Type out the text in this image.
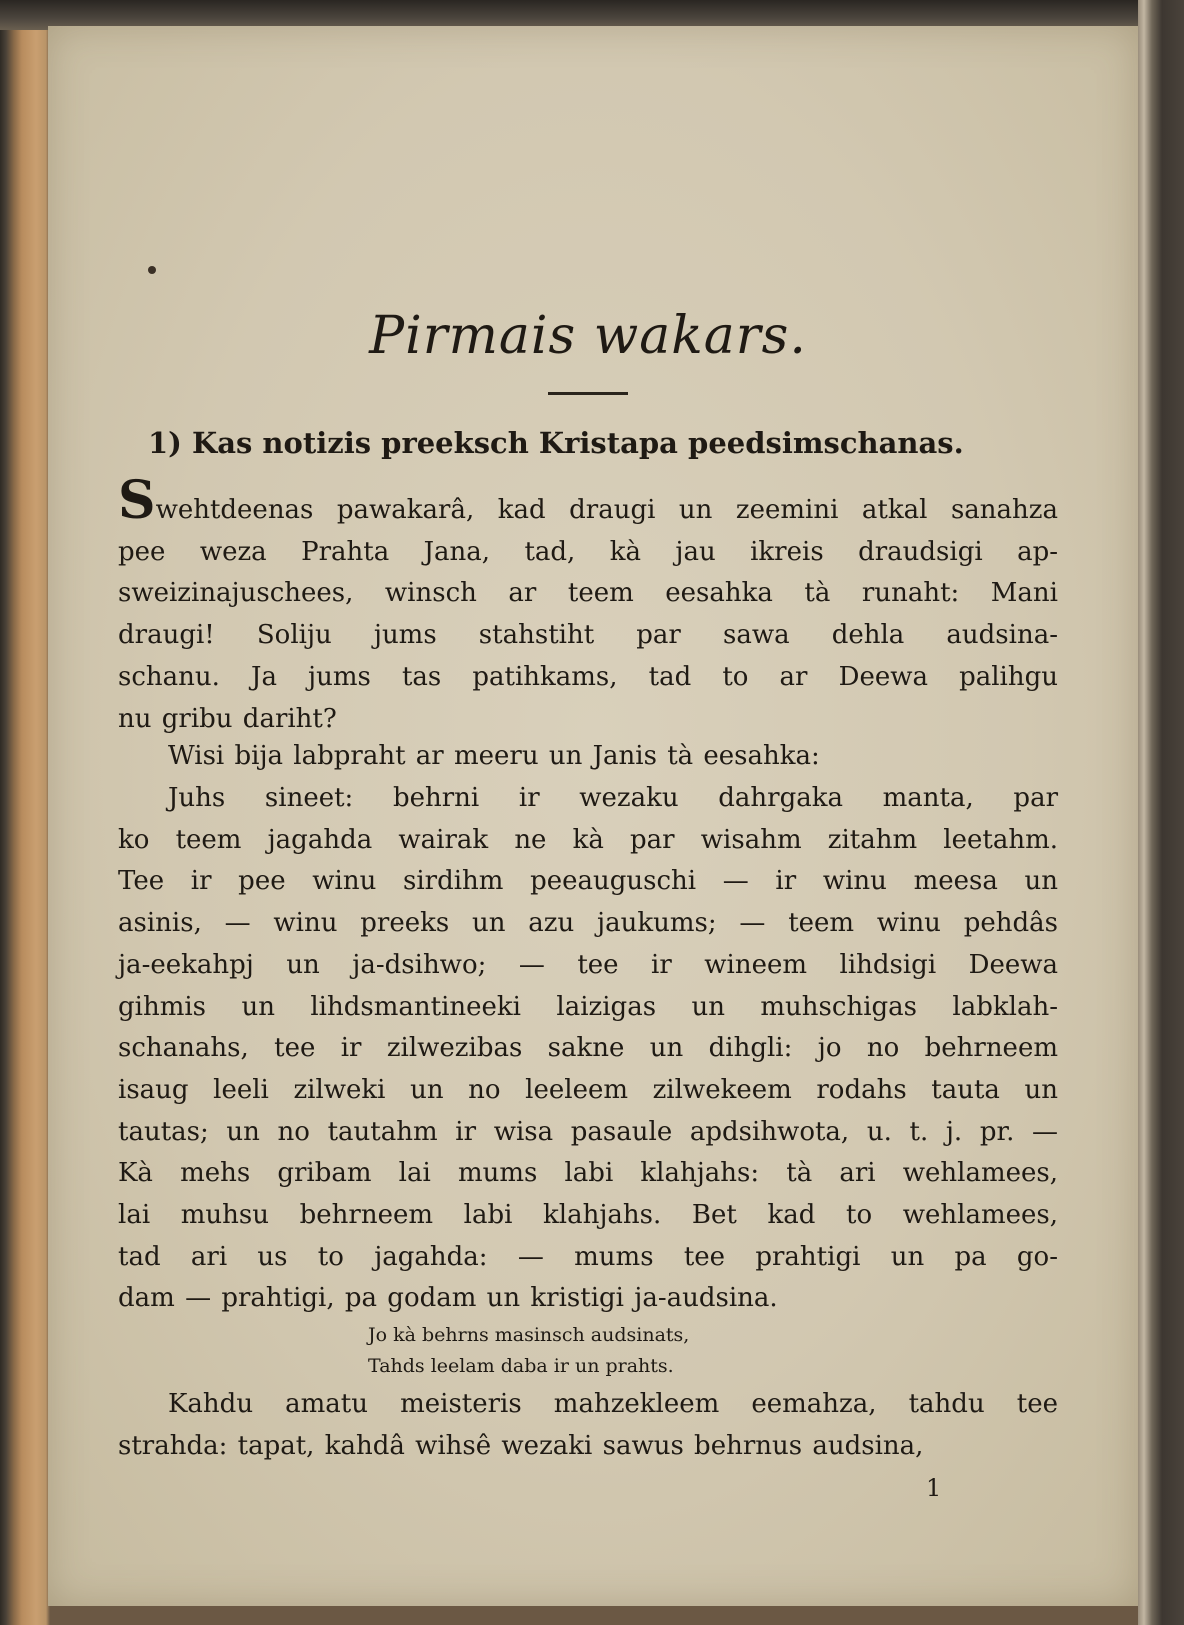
Pirmais wakars.
1) Kas notizis preeksch Kristapa peedsimschanas.
Swehtdeenas pawakarâ, kad draugi un zeemini atkal sanahza
pee weza Prahta Jana, tad, kà jau ikreis draudsigi ap-
sweizinajuschees, winsch ar teem eesahka tà runaht: Mani
draugi! Soliju jums stahstiht par sawa dehla audsina-
schanu. Ja jums tas patihkams, tad to ar Deewa palihgu
nu gribu dariht?
Wisi bija labpraht ar meeru un Janis tà eesahka:
Juhs sineet: behrni ir wezaku dahrgaka manta, par
ko teem jagahda wairak ne kà par wisahm zitahm leetahm.
Tee ir pee winu sirdihm peeauguschi — ir winu meesa un
asinis, — winu preeks un azu jaukums; — teem winu pehdâs
ja-eekahpj un ja-dsihwo; — tee ir wineem lihdsigi Deewa
gihmis un lihdsmantineeki laizigas un muhschigas labklah-
schanahs, tee ir zilwezibas sakne un dihgli: jo no behrneem
isaug leeli zilweki un no leeleem zilwekeem rodahs tauta un
tautas; un no tautahm ir wisa pasaule apdsihwota, u. t. j. pr. —
Kà mehs gribam lai mums labi klahjahs: tà ari wehlamees,
lai muhsu behrneem labi klahjahs. Bet kad to wehlamees,
tad ari us to jagahda: — mums tee prahtigi un pa go-
dam — prahtigi, pa godam un kristigi ja-audsina.
Jo kà behrns masinsch audsinats,
Tahds leelam daba ir un prahts.
Kahdu amatu meisteris mahzekleem eemahza, tahdu tee
strahda: tapat, kahdâ wihsê wezaki sawus behrnus audsina,
1
